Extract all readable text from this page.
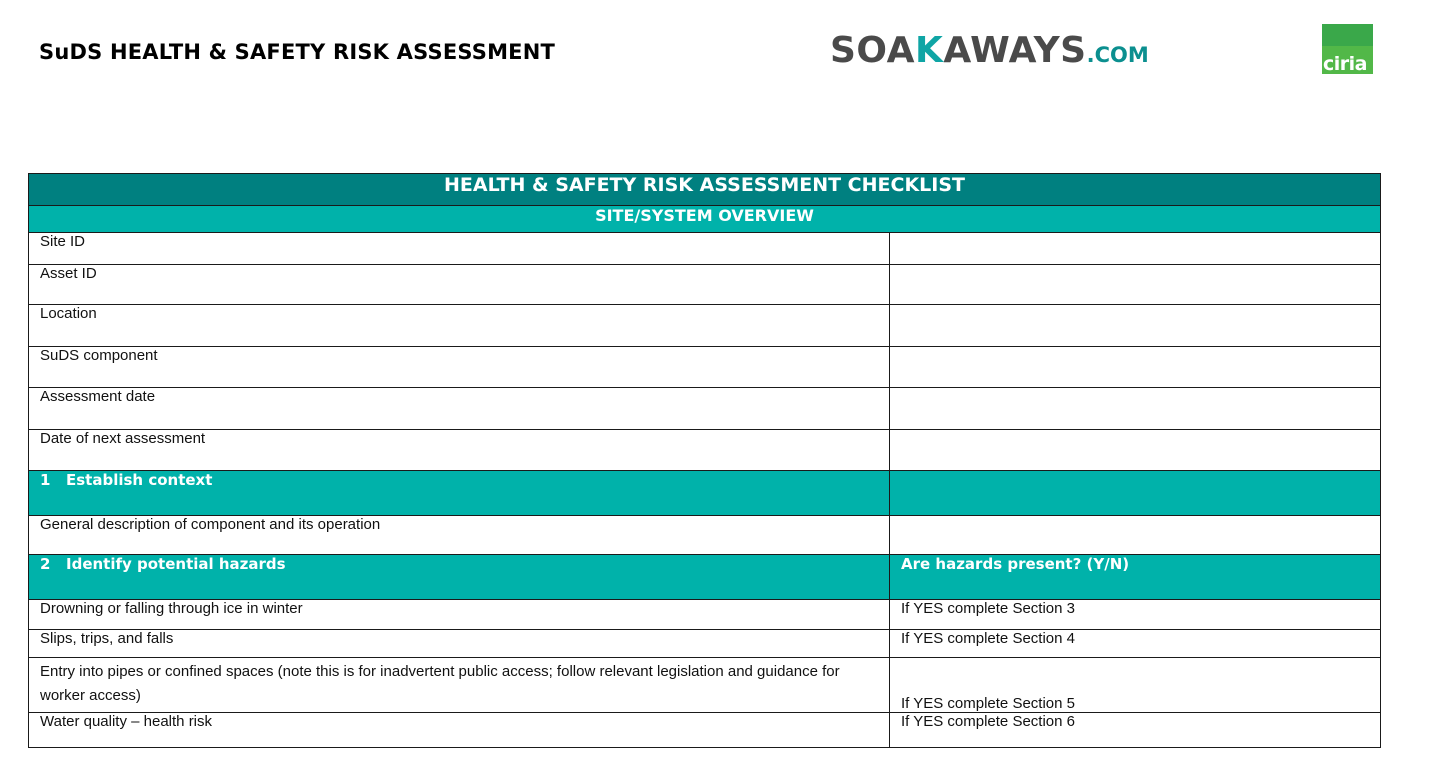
SuDS HEALTH & SAFETY RISK ASSESSMENT	SOAKAWAYS.COM	ciria
HEALTH & SAFETY RISK ASSESSMENT CHECKLIST	
SITE/SYSTEM OVERVIEW	
Site ID	
Asset ID	
Location	
SuDS component	
Assessment date	
Date of next assessment	
1 Establish context	
General description of component and its operation	
2 Identify potential hazards	Are hazards present? (Y/N)
Drowning or falling through ice in winter	If YES complete Section 3
Slips, trips, and falls	If YES complete Section 4
Entry into pipes or confined spaces (note this is for inadvertent public access; follow relevant legislation and guidance for worker access)	If YES complete Section 5
Water quality – health risk	If YES complete Section 6
